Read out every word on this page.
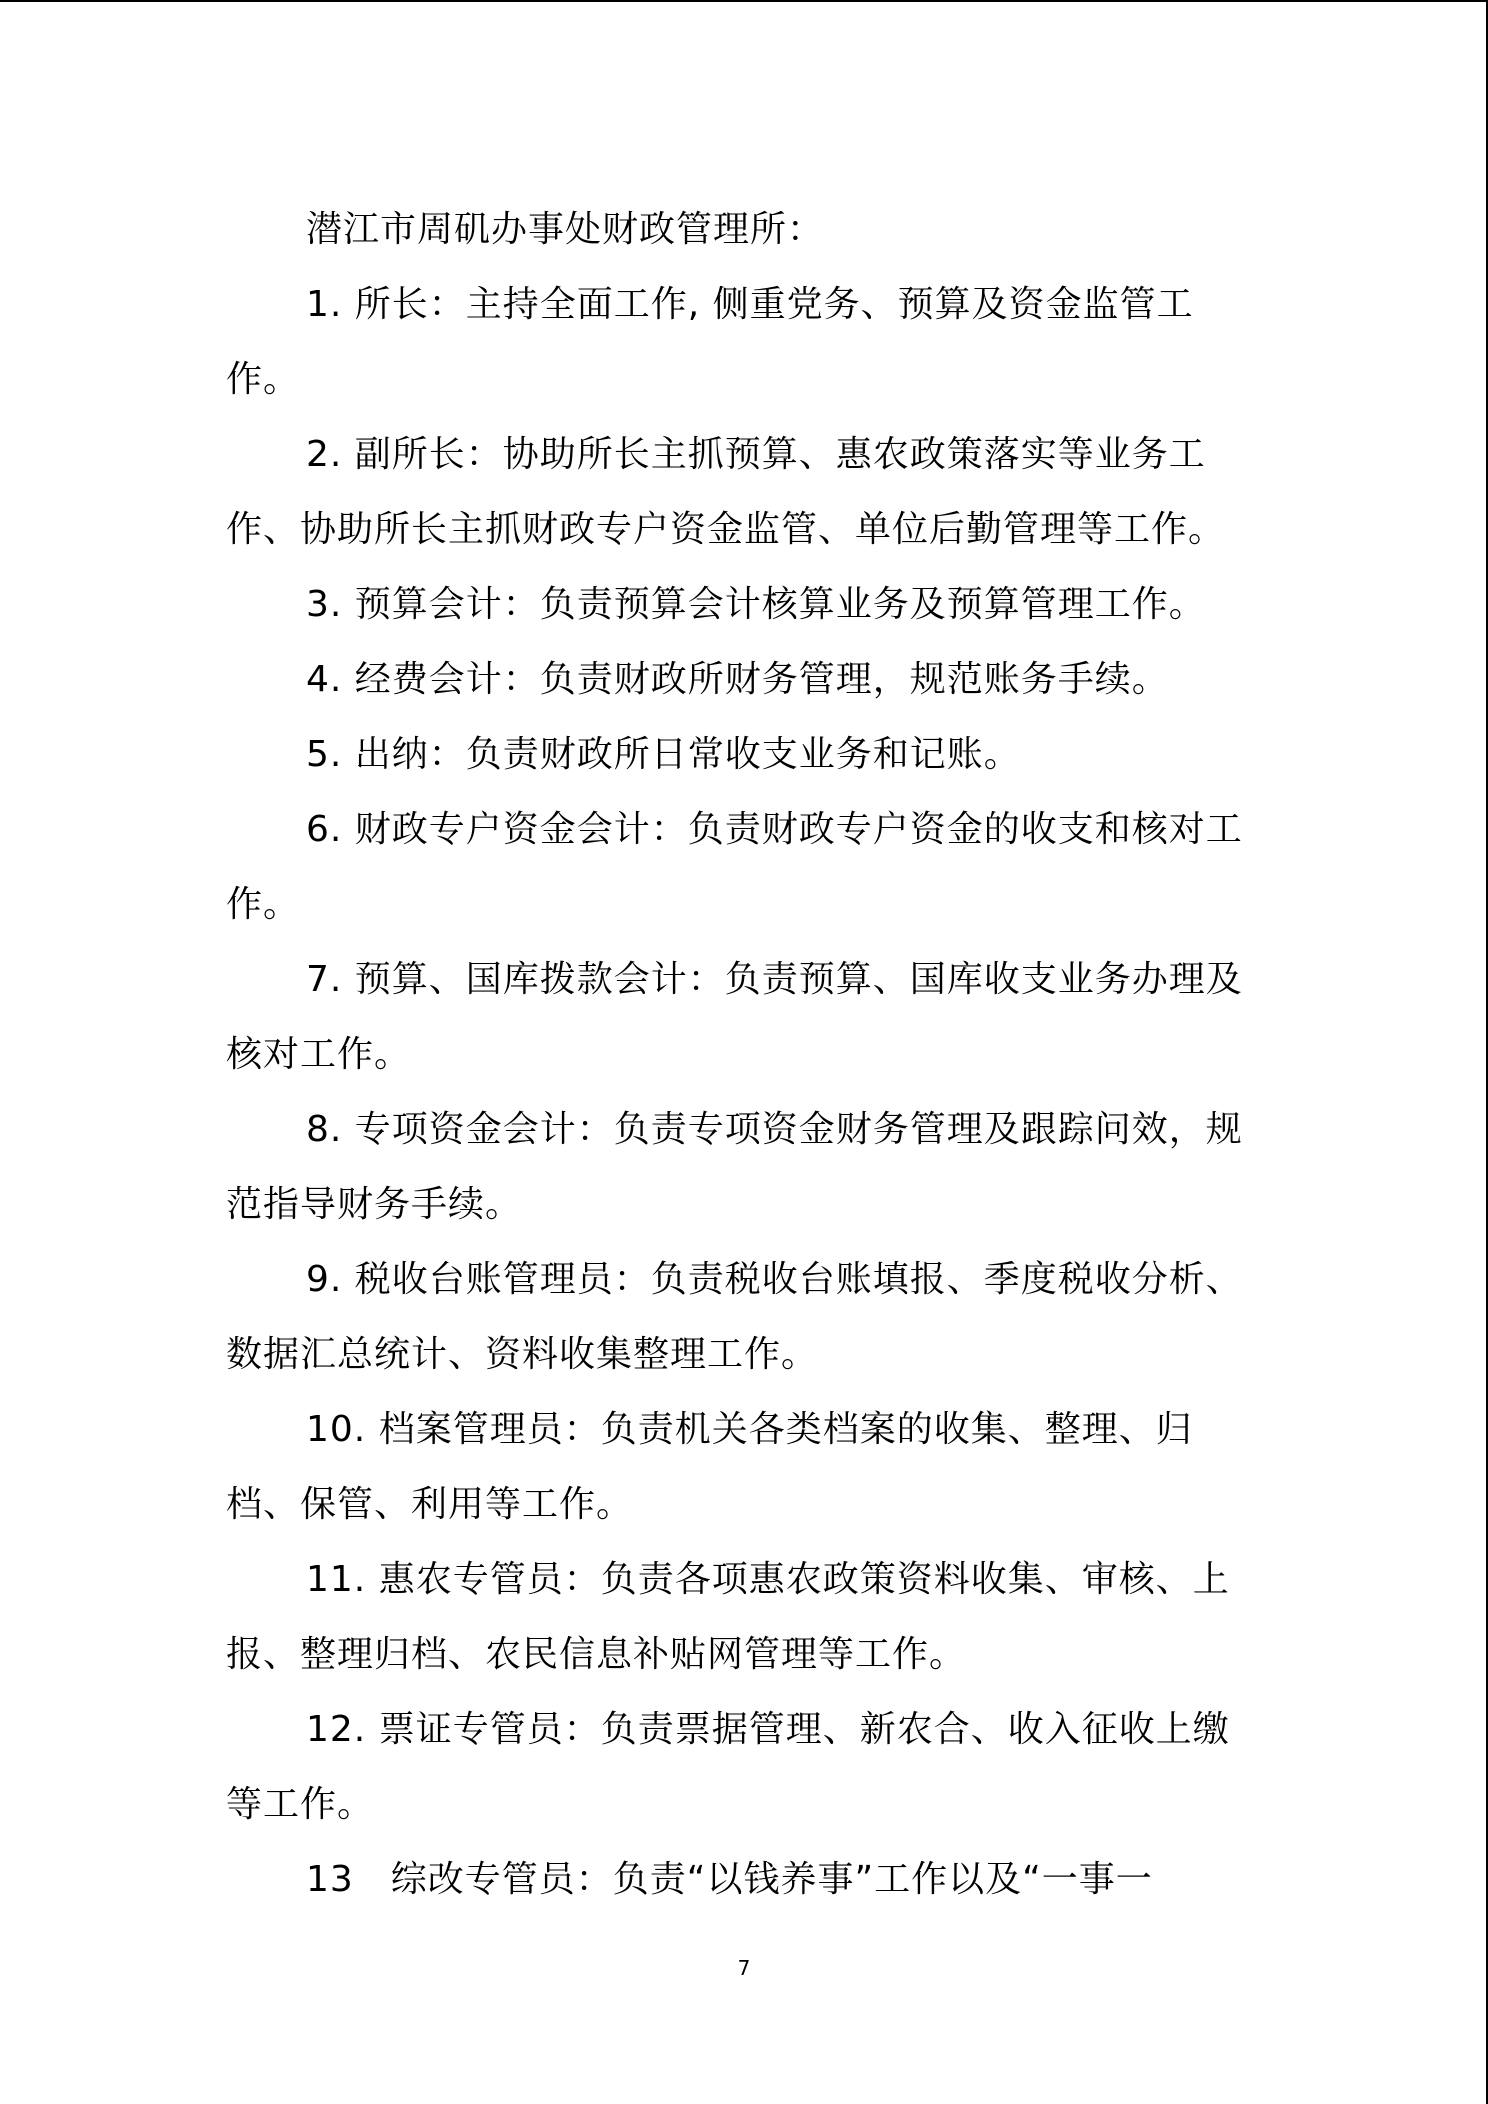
潜江市周矶办事处财政管理所：

1. 所长：主持全面工作, 侧重党务、预算及资金监管工作。

2. 副所长：协助所长主抓预算、惠农政策落实等业务工作、协助所长主抓财政专户资金监管、单位后勤管理等工作。

3. 预算会计：负责预算会计核算业务及预算管理工作。

4. 经费会计：负责财政所财务管理，规范账务手续。

5. 出纳：负责财政所日常收支业务和记账。

6. 财政专户资金会计：负责财政专户资金的收支和核对工作。

7. 预算、国库拨款会计：负责预算、国库收支业务办理及核对工作。

8. 专项资金会计：负责专项资金财务管理及跟踪问效，规范指导财务手续。

9. 税收台账管理员：负责税收台账填报、季度税收分析、数据汇总统计、资料收集整理工作。

10. 档案管理员：负责机关各类档案的收集、整理、归档、保管、利用等工作。

11. 惠农专管员：负责各项惠农政策资料收集、审核、上报、整理归档、农民信息补贴网管理等工作。

12. 票证专管员：负责票据管理、新农合、收入征收上缴等工作。

13　综改专管员：负责“以钱养事”工作以及“一事一

7
